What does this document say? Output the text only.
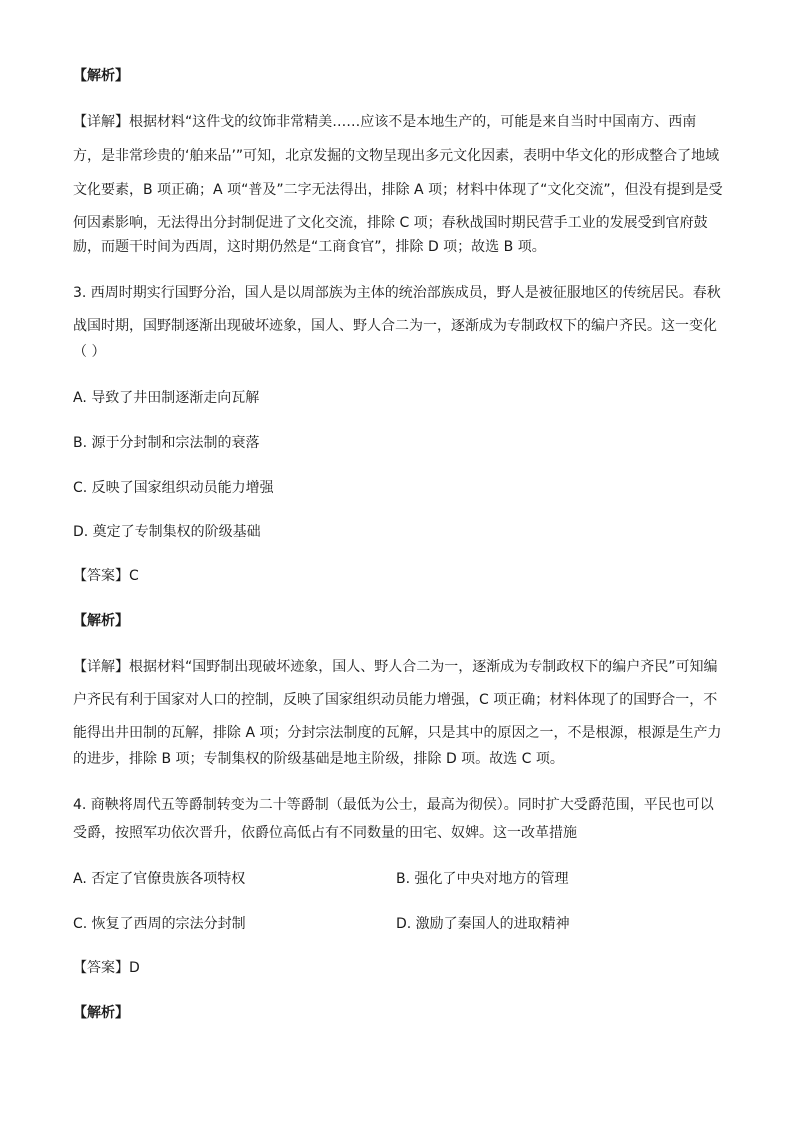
【解析】
【详解】根据材料“这件戈的纹饰非常精美……应该不是本地生产的，可能是来自当时中国南方、西南
方，是非常珍贵的‘舶来品’”可知，北京发掘的文物呈现出多元文化因素，表明中华文化的形成整合了地域
文化要素，B 项正确；A 项“普及”二字无法得出，排除 A 项；材料中体现了“文化交流”，但没有提到是受
何因素影响，无法得出分封制促进了文化交流，排除 C 项；春秋战国时期民营手工业的发展受到官府鼓
励，而题干时间为西周，这时期仍然是“工商食官”，排除 D 项；故选 B 项。
3. 西周时期实行国野分治，国人是以周部族为主体的统治部族成员，野人是被征服地区的传统居民。春秋
战国时期，国野制逐渐出现破坏迹象，国人、野人合二为一，逐渐成为专制政权下的编户齐民。这一变化
（ ）
A. 导致了井田制逐渐走向瓦解
B. 源于分封制和宗法制的衰落
C. 反映了国家组织动员能力增强
D. 奠定了专制集权的阶级基础
【答案】C
【解析】
【详解】根据材料“国野制出现破坏迹象，国人、野人合二为一，逐渐成为专制政权下的编户齐民”可知编
户齐民有利于国家对人口的控制，反映了国家组织动员能力增强，C 项正确；材料体现了的国野合一，不
能得出井田制的瓦解，排除 A 项；分封宗法制度的瓦解，只是其中的原因之一，不是根源，根源是生产力
的进步，排除 B 项；专制集权的阶级基础是地主阶级，排除 D 项。故选 C 项。
4. 商鞅将周代五等爵制转变为二十等爵制（最低为公士，最高为彻侯）。同时扩大受爵范围，平民也可以
受爵，按照军功依次晋升，依爵位高低占有不同数量的田宅、奴婢。这一改革措施
A. 否定了官僚贵族各项特权	B. 强化了中央对地方的管理
C. 恢复了西周的宗法分封制	D. 激励了秦国人的进取精神
【答案】D
【解析】
